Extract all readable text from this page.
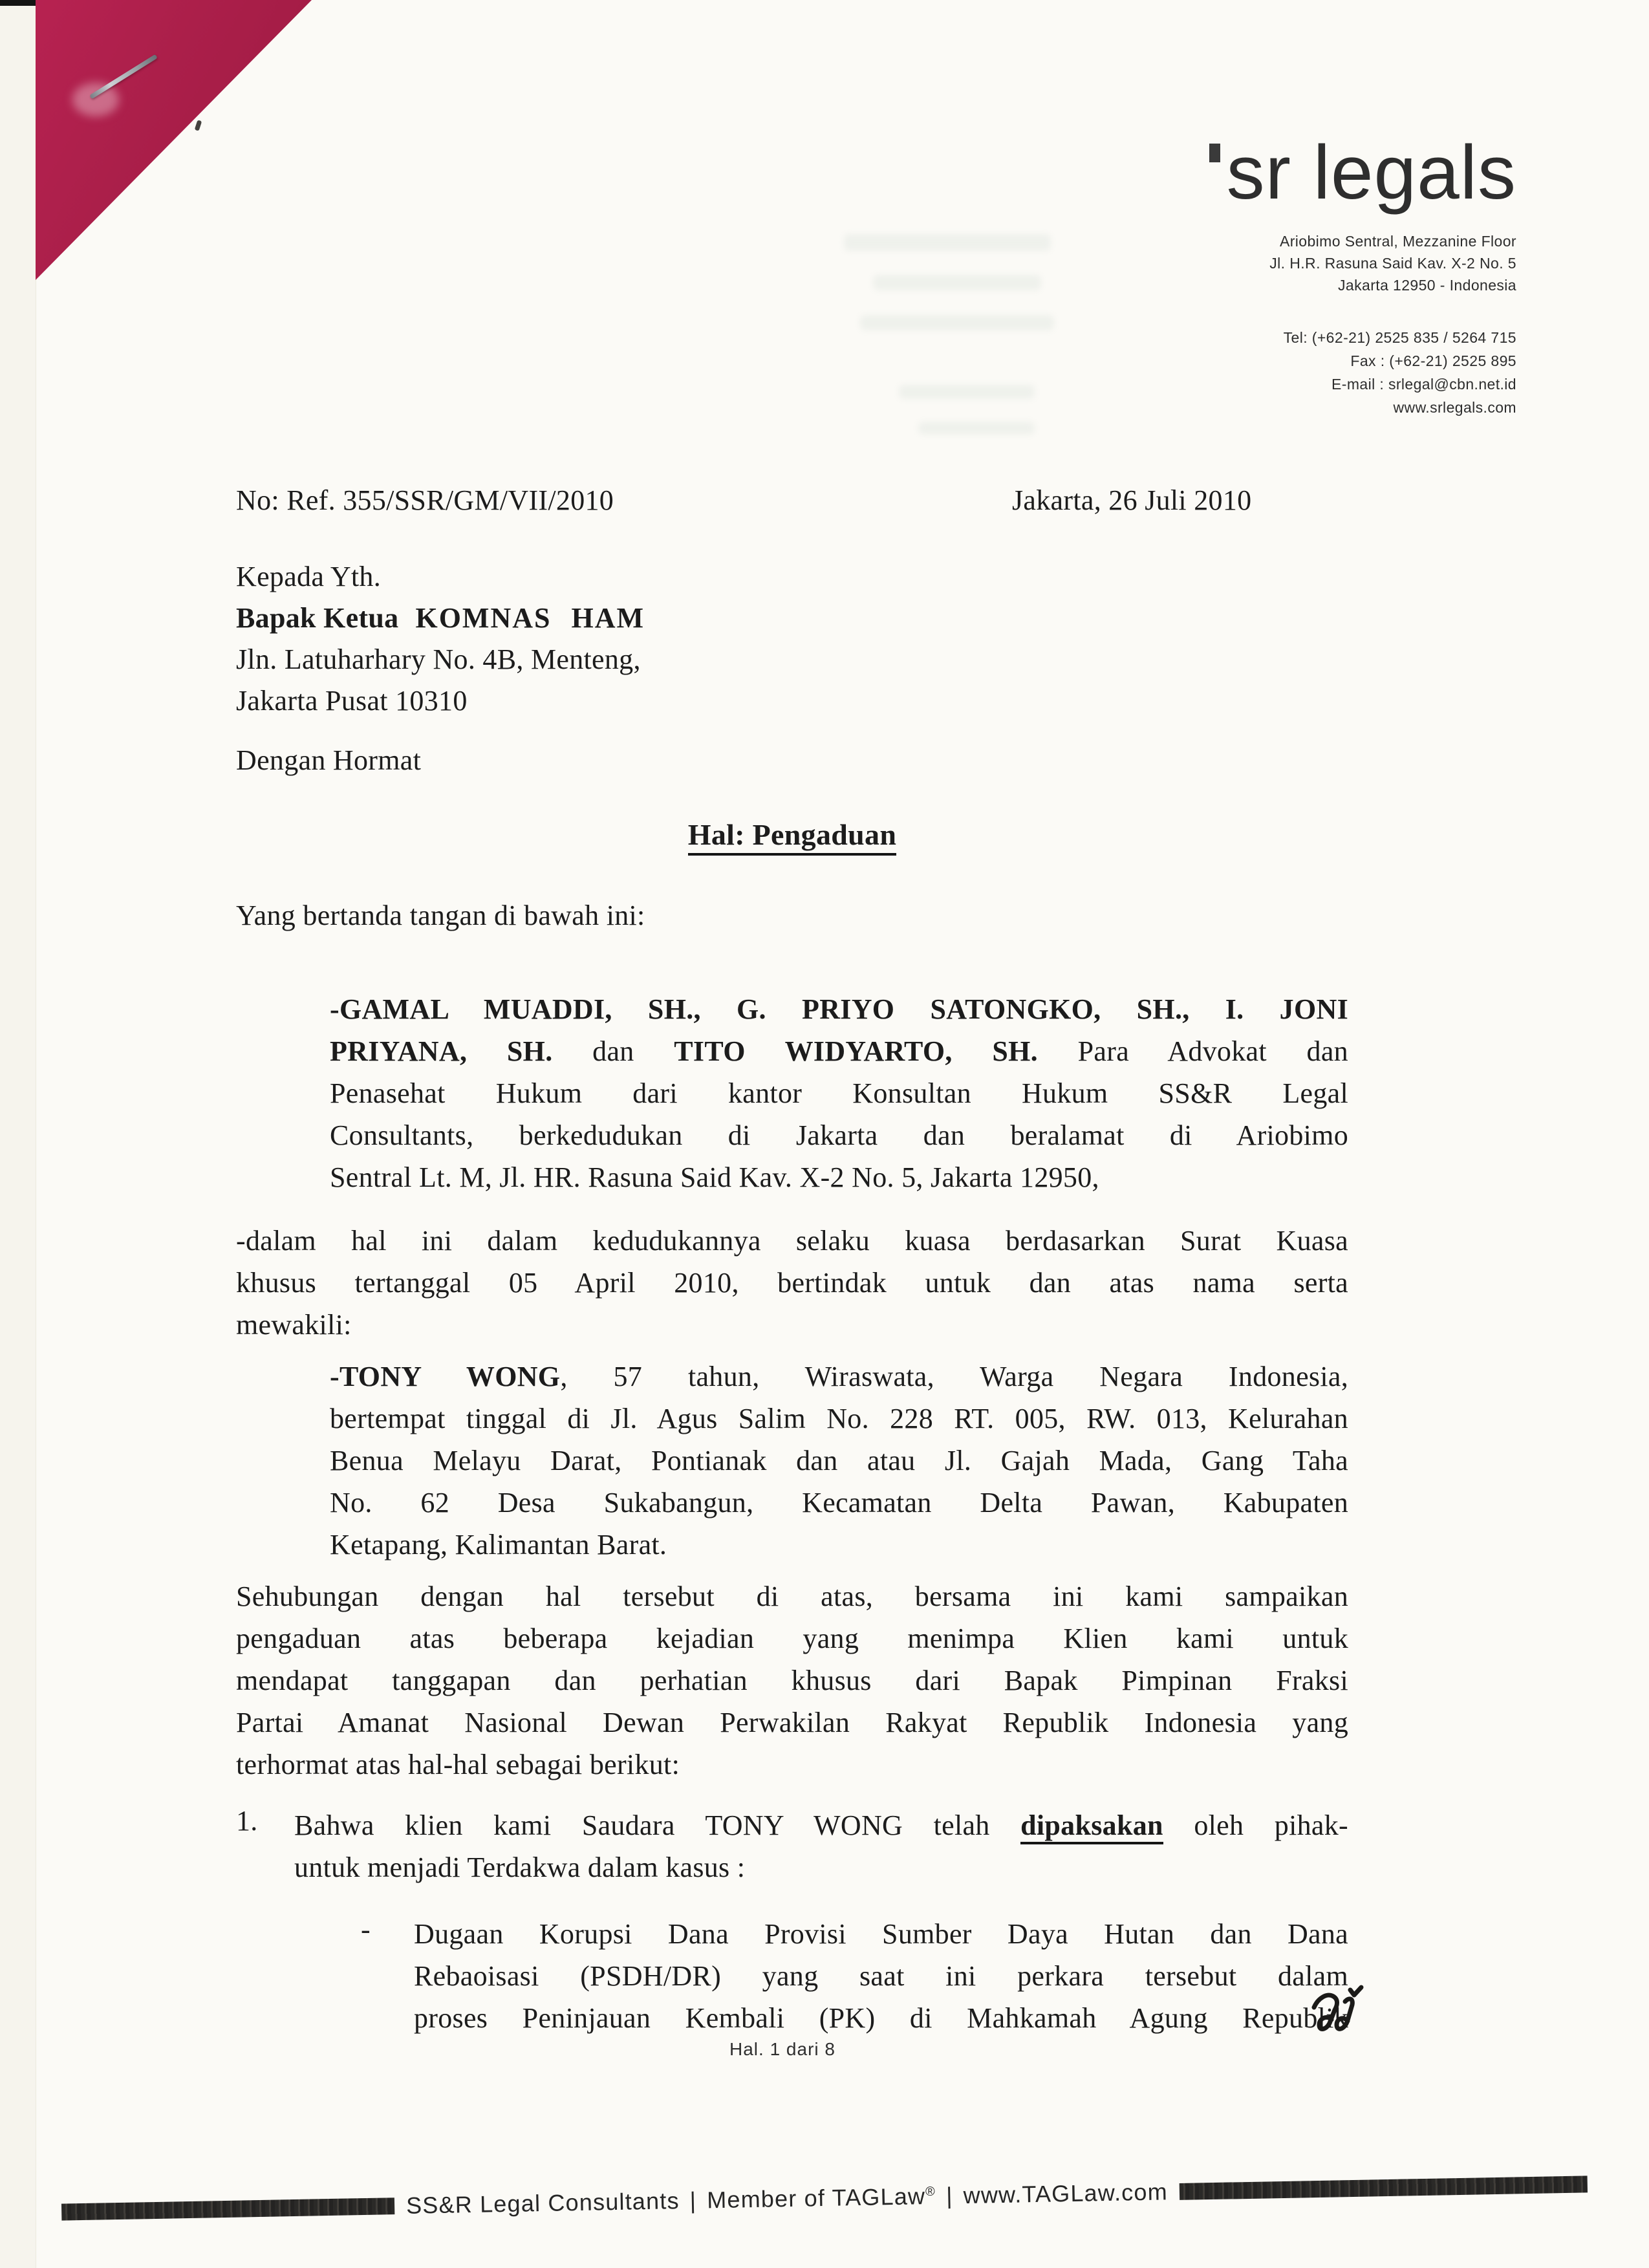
sr legals
Ariobimo Sentral, Mezzanine Floor
Jl. H.R. Rasuna Said Kav. X-2 No. 5
Jakarta 12950 - Indonesia
Tel: (+62-21) 2525 835 / 5264 715
Fax : (+62-21) 2525 895
E-mail : srlegal@cbn.net.id
www.srlegals.com
No: Ref. 355/SSR/GM/VII/2010	Jakarta, 26 Juli 2010
Kepada Yth.
Bapak Ketua KOMNAS HAM
Jln. Latuharhary No. 4B, Menteng,
Jakarta Pusat 10310
Dengan Hormat
Hal: Pengaduan
Yang bertanda tangan di bawah ini:
-GAMAL MUADDI, SH., G. PRIYO SATONGKO, SH., I. JONI
PRIYANA, SH. dan TITO WIDYARTO, SH. Para Advokat dan
Penasehat Hukum dari kantor Konsultan Hukum SS&R Legal
Consultants, berkedudukan di Jakarta dan beralamat di Ariobimo
Sentral Lt. M, Jl. HR. Rasuna Said Kav. X-2 No. 5, Jakarta 12950,
-dalam hal ini dalam kedudukannya selaku kuasa berdasarkan Surat Kuasa
khusus tertanggal 05 April 2010, bertindak untuk dan atas nama serta
mewakili:
-TONY WONG, 57 tahun, Wiraswata, Warga Negara Indonesia,
bertempat tinggal di Jl. Agus Salim No. 228 RT. 005, RW. 013, Kelurahan
Benua Melayu Darat, Pontianak dan atau Jl. Gajah Mada, Gang Taha
No. 62 Desa Sukabangun, Kecamatan Delta Pawan, Kabupaten
Ketapang, Kalimantan Barat.
Sehubungan dengan hal tersebut di atas, bersama ini kami sampaikan
pengaduan atas beberapa kejadian yang menimpa Klien kami untuk
mendapat tanggapan dan perhatian khusus dari Bapak Pimpinan Fraksi
Partai Amanat Nasional Dewan Perwakilan Rakyat Republik Indonesia yang
terhormat atas hal-hal sebagai berikut:
1. Bahwa klien kami Saudara TONY WONG telah dipaksakan oleh pihak-
untuk menjadi Terdakwa dalam kasus :
- Dugaan Korupsi Dana Provisi Sumber Daya Hutan dan Dana
Rebaoisasi (PSDH/DR) yang saat ini perkara tersebut dalam
proses Peninjauan Kembali (PK) di Mahkamah Agung Republik
Hal. 1 dari 8
SS&R Legal Consultants | Member of TAGLaw® | www.TAGLaw.com
